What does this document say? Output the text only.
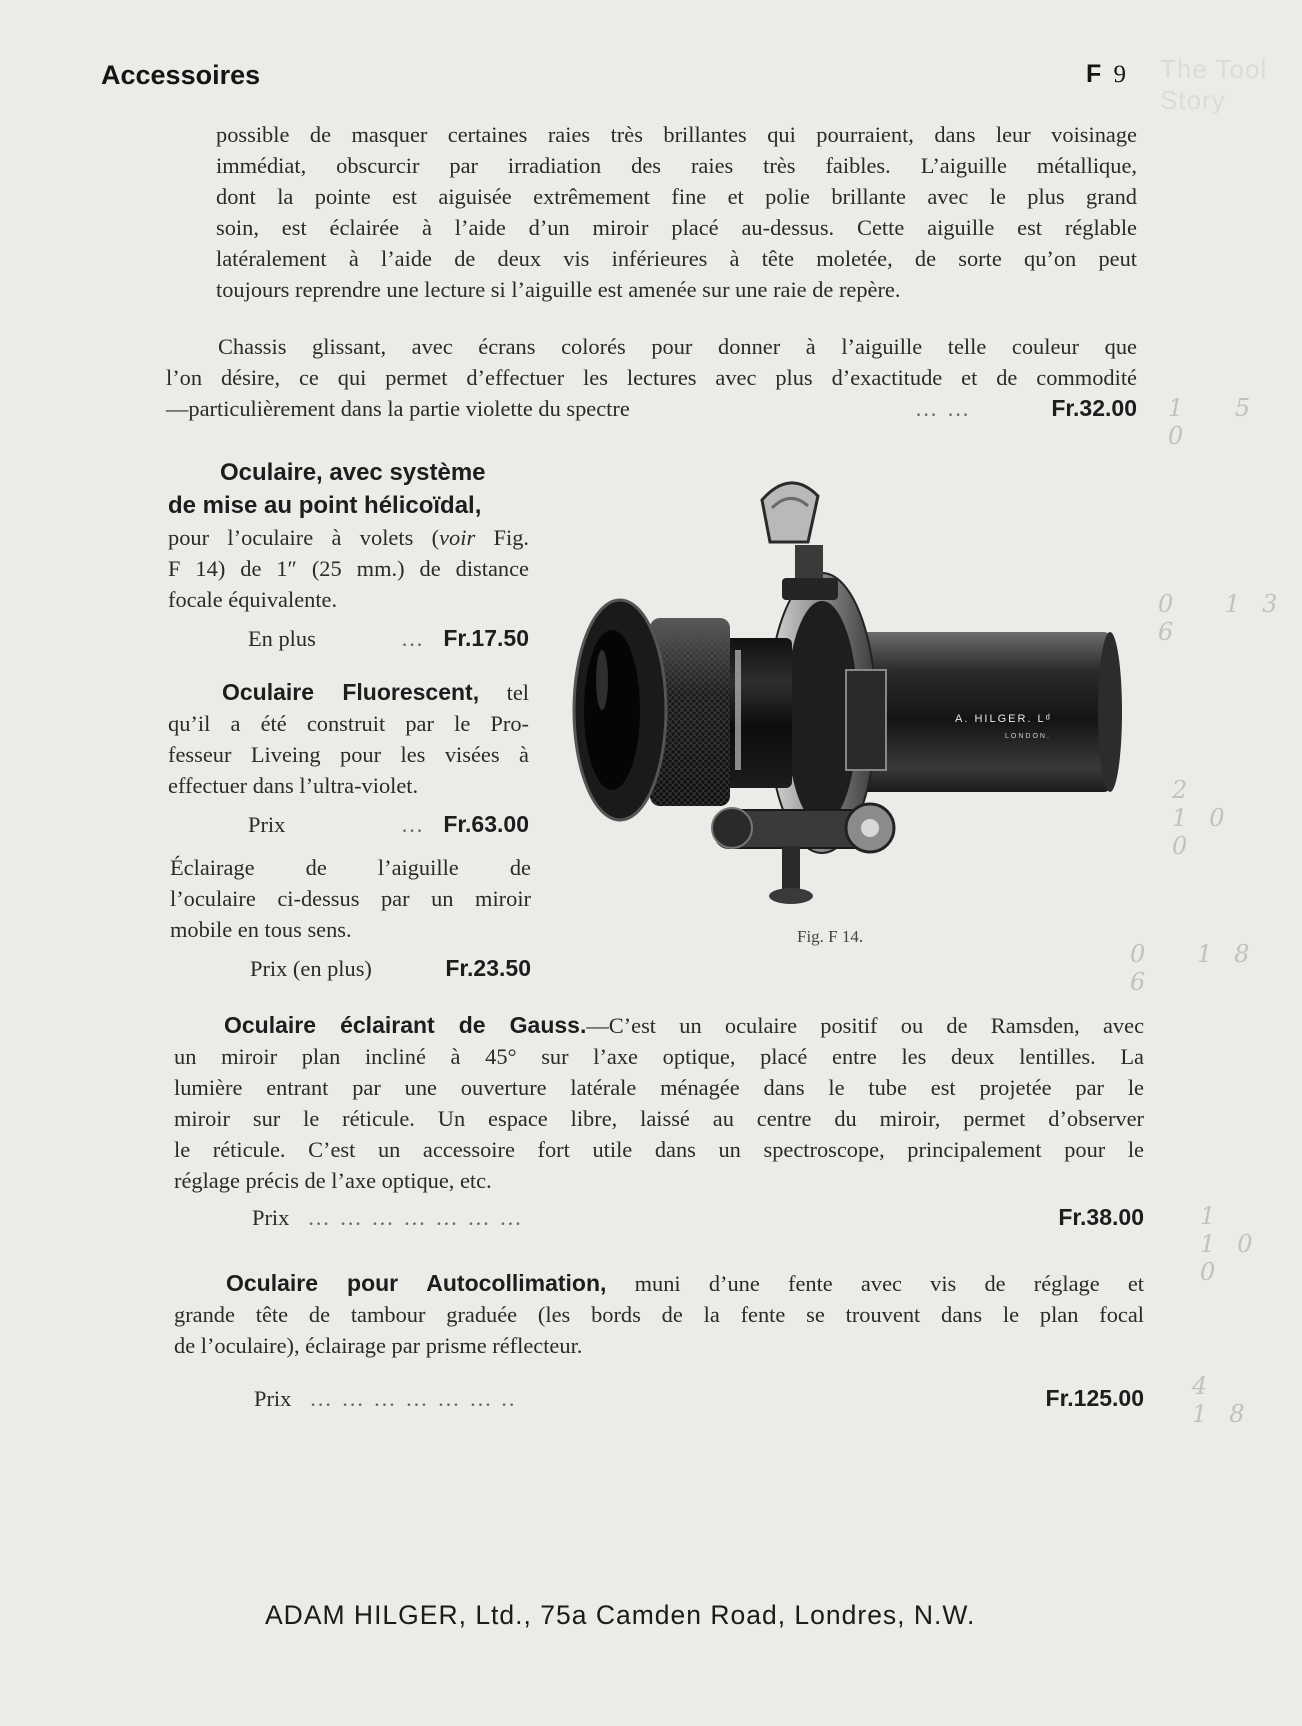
Accessoires	F 9 The Tool Story
possible de masquer certaines raies très brillantes qui pourraient, dans leur voisinage
immédiat, obscurcir par irradiation des raies très faibles. L’aiguille métallique,
dont la pointe est aiguisée extrêmement fine et polie brillante avec le plus grand
soin, est éclairée à l’aide d’un miroir placé au-dessus. Cette aiguille est réglable
latéralement à l’aide de deux vis inférieures à tête moletée, de sorte qu’on peut
toujours reprendre une lecture si l’aiguille est amenée sur une raie de repère.
Chassis glissant, avec écrans colorés pour donner à l’aiguille telle couleur que
l’on désire, ce qui permet d’effectuer les lectures avec plus d’exactitude et de commodité
—particulièrement dans la partie violette du spectre	… …	Fr.32.00 1 5 0
Oculaire, avec système
de mise au point hélicoïdal,
pour l’oculaire à volets (voir Fig.
F 14) de 1″ (25 mm.) de distance
focale équivalente.
En plus	… Fr.17.50
0 13 6
Oculaire Fluorescent, tel
qu’il a été construit par le Pro-
fesseur Liveing pour les visées à
effectuer dans l’ultra-violet.
Prix	… Fr.63.00
2 10 0
Éclairage de l’aiguille de
l’oculaire ci-dessus par un miroir
mobile en tous sens.
Prix (en plus)	Fr.23.50	0 18 6
A. HILGER. Lᵈ
LONDON.
Fig. F 14.
Oculaire éclairant de Gauss.—C’est un oculaire positif ou de Ramsden, avec
un miroir plan incliné à 45° sur l’axe optique, placé entre les deux lentilles. La
lumière entrant par une ouverture latérale ménagée dans le tube est projetée par le
miroir sur le réticule. Un espace libre, laissé au centre du miroir, permet d’observer
le réticule. C’est un accessoire fort utile dans un spectroscope, principalement pour le
réglage précis de l’axe optique, etc.
Prix … … … … … … …	Fr.38.00 1 10 0
Oculaire pour Autocollimation, muni d’une fente avec vis de réglage et
grande tête de tambour graduée (les bords de la fente se trouvent dans le plan focal
de l’oculaire), éclairage par prisme réflecteur.
Prix … … … … … … ..	Fr.125.00 4 18
ADAM HILGER, Ltd., 75a Camden Road, Londres, N.W.
